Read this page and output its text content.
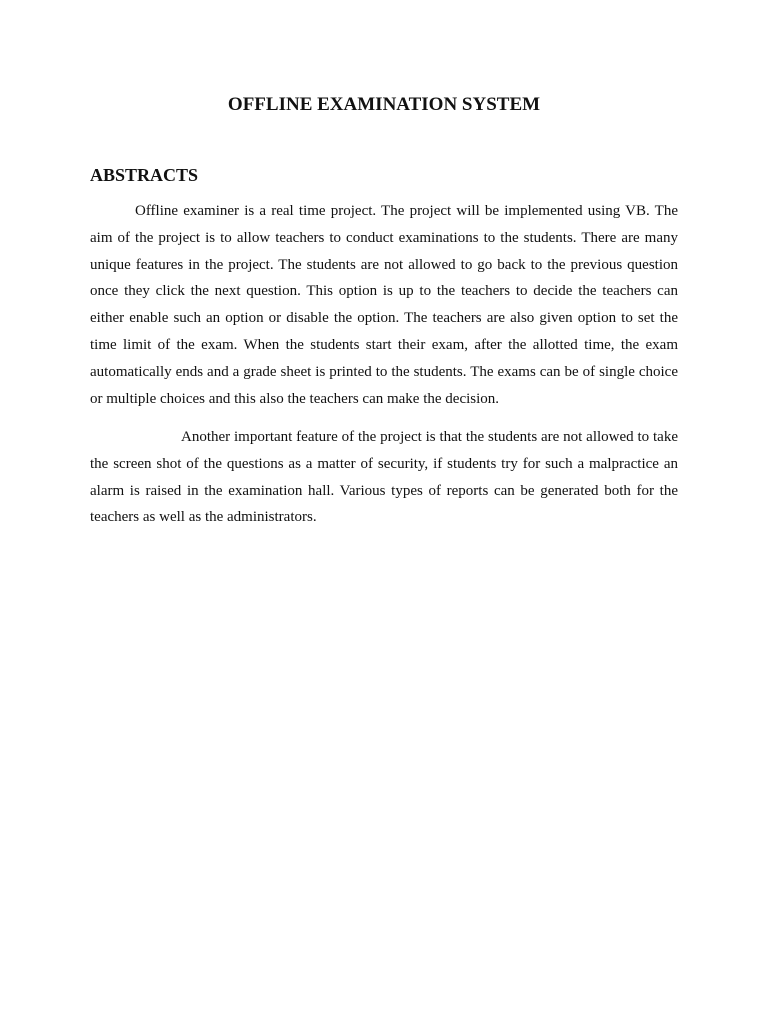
OFFLINE EXAMINATION SYSTEM
ABSTRACTS

Offline examiner is a real time project. The project will be implemented using VB. The aim of the project is to allow teachers to conduct examinations to the students. There are many unique features in the project. The students are not allowed to go back to the previous question once they click the next question. This option is up to the teachers to decide the teachers can either enable such an option or disable the option. The teachers are also given option to set the time limit of the exam. When the students start their exam, after the allotted time, the exam automatically ends and a grade sheet is printed to the students. The exams can be of single choice or multiple choices and this also the teachers can make the decision.

Another important feature of the project is that the students are not allowed to take the screen shot of the questions as a matter of security, if students try for such a malpractice an alarm is raised in the examination hall. Various types of reports can be generated both for the teachers as well as the administrators.
